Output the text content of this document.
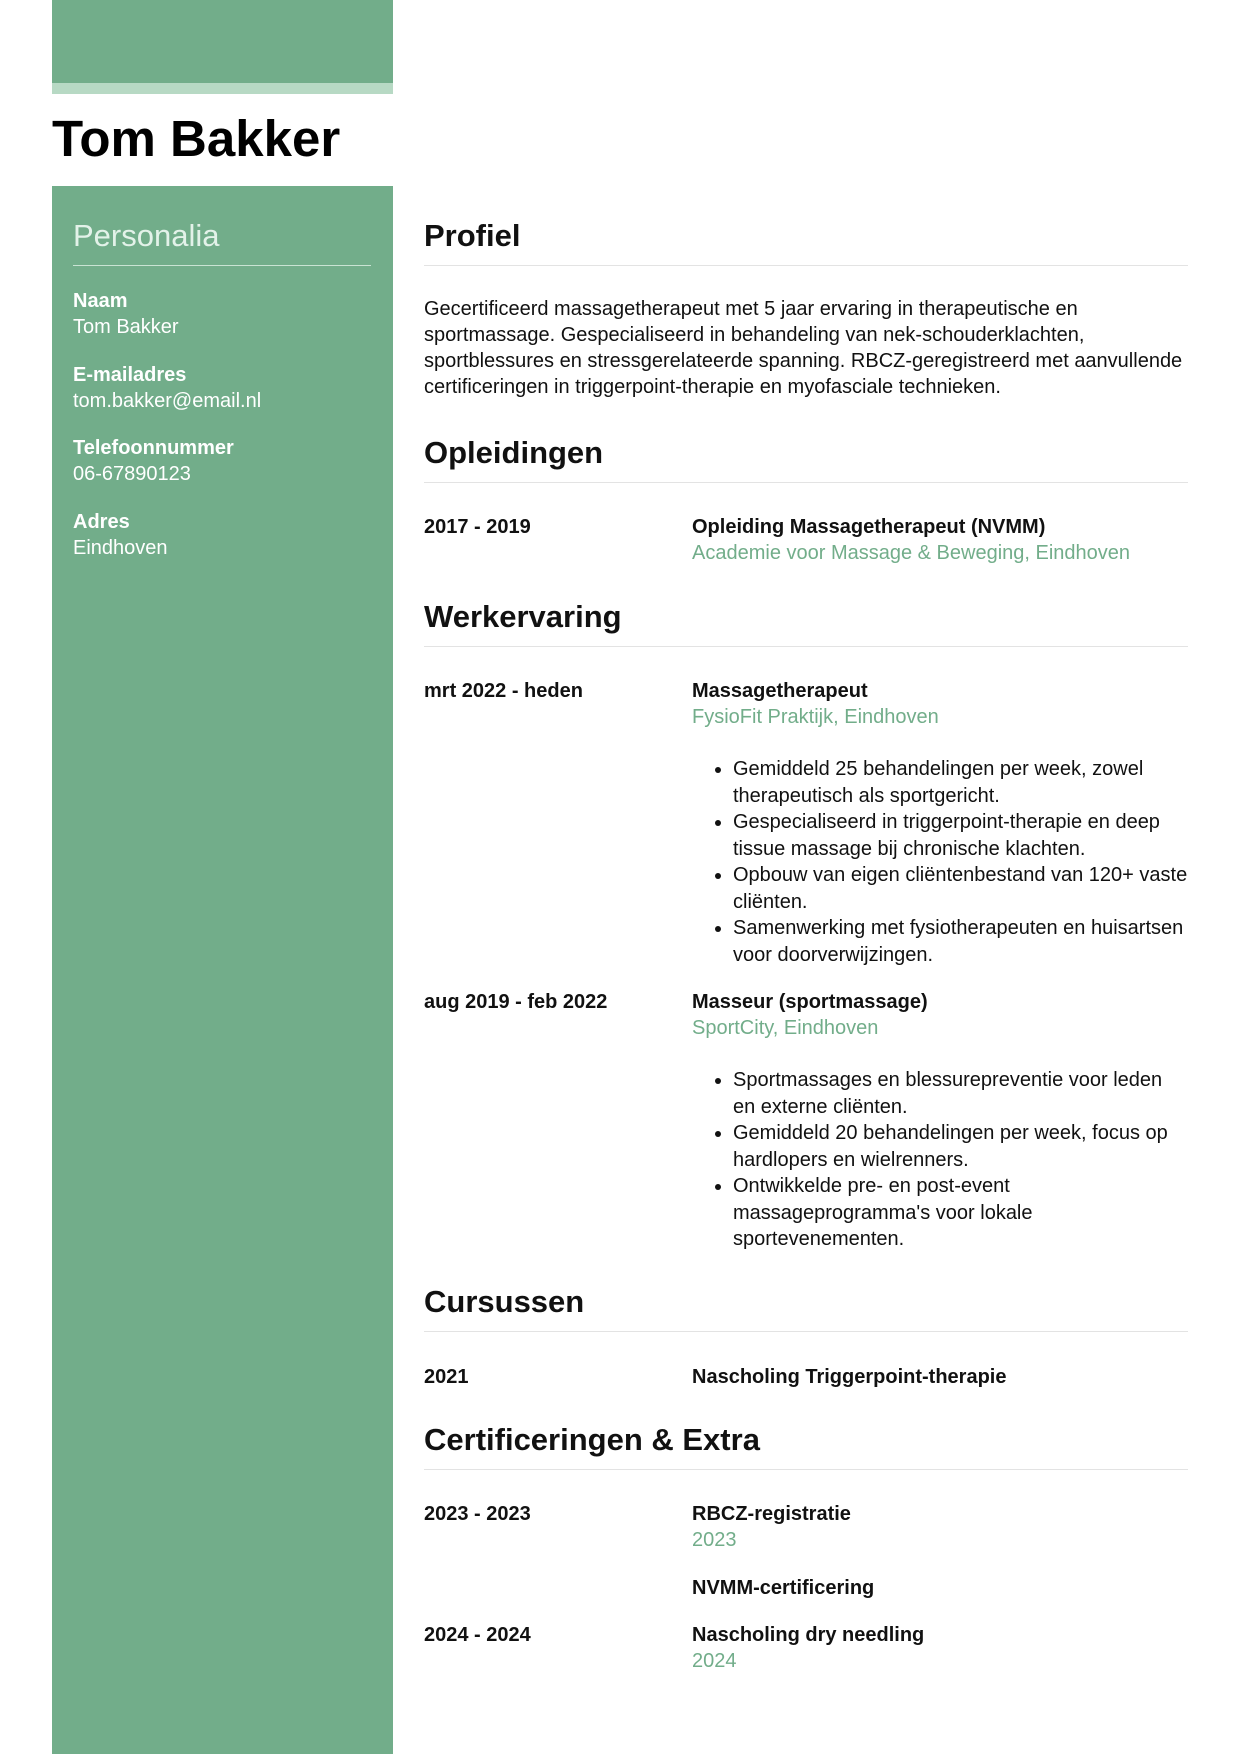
Tom Bakker
Personalia
Naam
Tom Bakker
E-mailadres
tom.bakker@email.nl
Telefoonnummer
06-67890123
Adres
Eindhoven
Profiel

Gecertificeerd massagetherapeut met 5 jaar ervaring in therapeutische en sportmassage. Gespecialiseerd in behandeling van nek-schouderklachten, sportblessures en stressgerelateerde spanning. RBCZ-geregistreerd met aanvullende certificeringen in triggerpoint-therapie en myofasciale technieken.

Opleidingen
2017 - 2019	Opleiding Massagetherapeut (NVMM)
Academie voor Massage & Beweging, Eindhoven
Werkervaring
mrt 2022 - heden	Massagetherapeut
FysioFit Praktijk, Eindhoven
• Gemiddeld 25 behandelingen per week, zowel therapeutisch als sportgericht.
• Gespecialiseerd in triggerpoint-therapie en deep tissue massage bij chronische klachten.
• Opbouw van eigen cliëntenbestand van 120+ vaste cliënten.
• Samenwerking met fysiotherapeuten en huisartsen voor doorverwijzingen.
aug 2019 - feb 2022	Masseur (sportmassage)
SportCity, Eindhoven
• Sportmassages en blessurepreventie voor leden en externe cliënten.
• Gemiddeld 20 behandelingen per week, focus op hardlopers en wielrenners.
• Ontwikkelde pre- en post-event massageprogramma's voor lokale sportevenementen.
Cursussen
2021	Nascholing Triggerpoint-therapie
Certificeringen & Extra
2023 - 2023	RBCZ-registratie
2023
NVMM-certificering
2024 - 2024	Nascholing dry needling
2024
